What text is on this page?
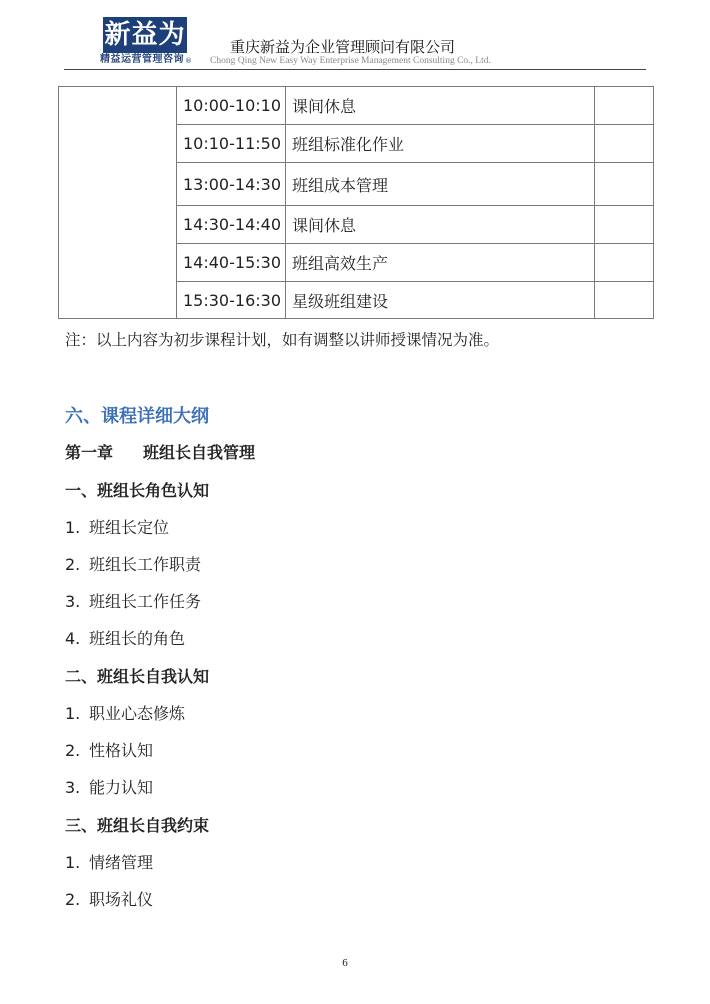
新益为
精益运营管理咨询 ®
重庆新益为企业管理顾问有限公司
Chong Qing New Easy Way Enterprise Management Consulting Co., Ltd.
	10:00-10:10	课间休息	
	10:10-11:50	班组标准化作业	
	13:00-14:30	班组成本管理	
	14:30-14:40	课间休息	
	14:40-15:30	班组高效生产	
	15:30-16:30	星级班组建设	
注：以上内容为初步课程计划，如有调整以讲师授课情况为准。
六、课程详细大纲
第一章 班组长自我管理
一、班组长角色认知
1. 班组长定位
2. 班组长工作职责
3. 班组长工作任务
4. 班组长的角色
二、班组长自我认知
1. 职业心态修炼
2. 性格认知
3. 能力认知
三、班组长自我约束
1. 情绪管理
2. 职场礼仪
6
